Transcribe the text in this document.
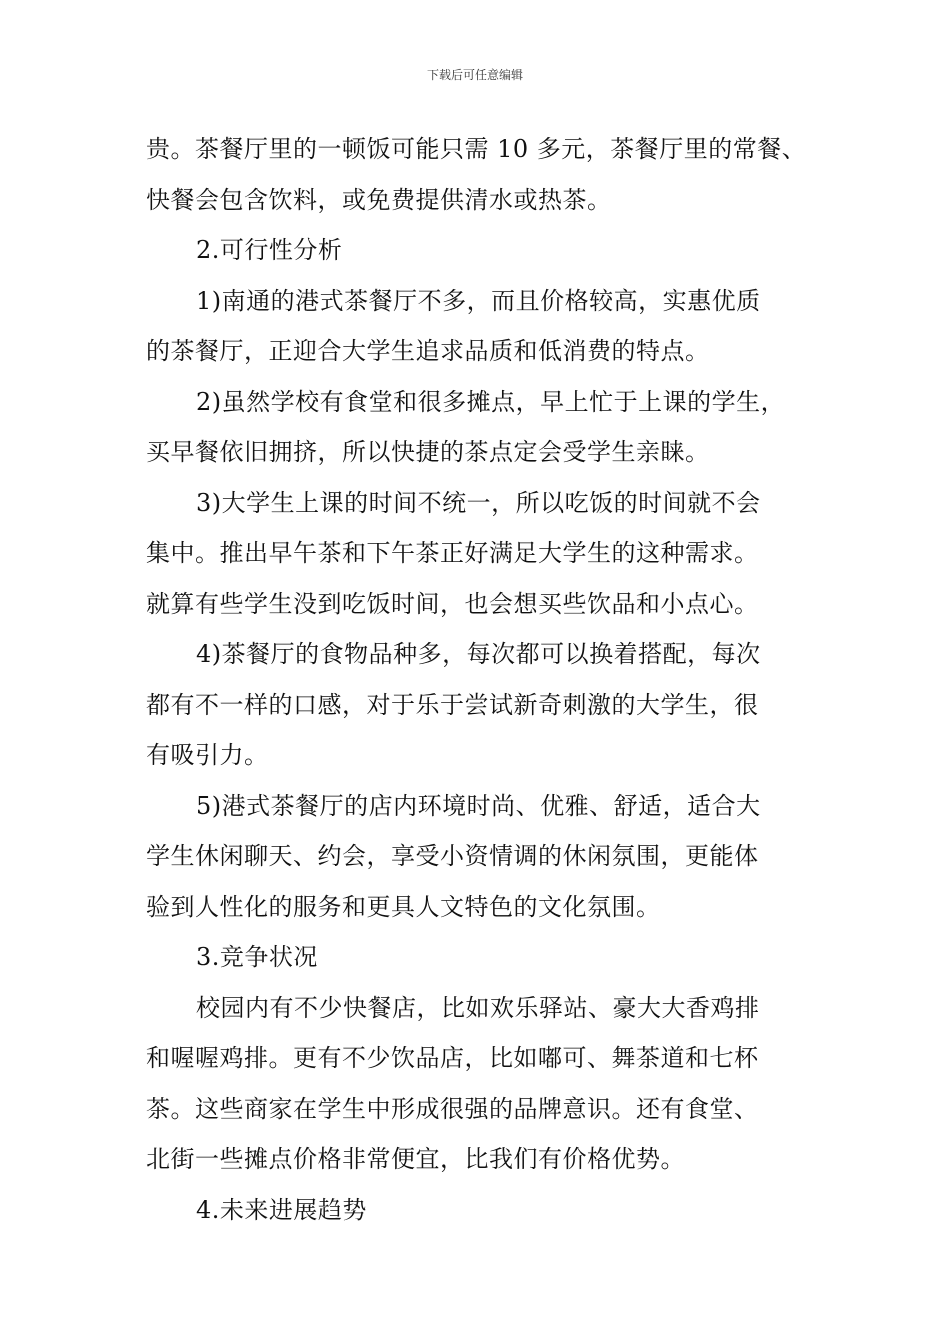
下载后可任意编辑
贵。茶餐厅里的一顿饭可能只需 10 多元，茶餐厅里的常餐、
快餐会包含饮料，或免费提供清水或热茶。
2.可行性分析
1)南通的港式茶餐厅不多，而且价格较高，实惠优质
的茶餐厅，正迎合大学生追求品质和低消费的特点。
2)虽然学校有食堂和很多摊点，早上忙于上课的学生，
买早餐依旧拥挤，所以快捷的茶点定会受学生亲睐。
3)大学生上课的时间不统一，所以吃饭的时间就不会
集中。推出早午茶和下午茶正好满足大学生的这种需求。
就算有些学生没到吃饭时间，也会想买些饮品和小点心。
4)茶餐厅的食物品种多，每次都可以换着搭配，每次
都有不一样的口感，对于乐于尝试新奇刺激的大学生，很
有吸引力。
5)港式茶餐厅的店内环境时尚、优雅、舒适，适合大
学生休闲聊天、约会，享受小资情调的休闲氛围，更能体
验到人性化的服务和更具人文特色的文化氛围。
3.竞争状况
校园内有不少快餐店，比如欢乐驿站、豪大大香鸡排
和喔喔鸡排。更有不少饮品店，比如嘟可、舞茶道和七杯
茶。这些商家在学生中形成很强的品牌意识。还有食堂、
北街一些摊点价格非常便宜，比我们有价格优势。
4.未来进展趋势
